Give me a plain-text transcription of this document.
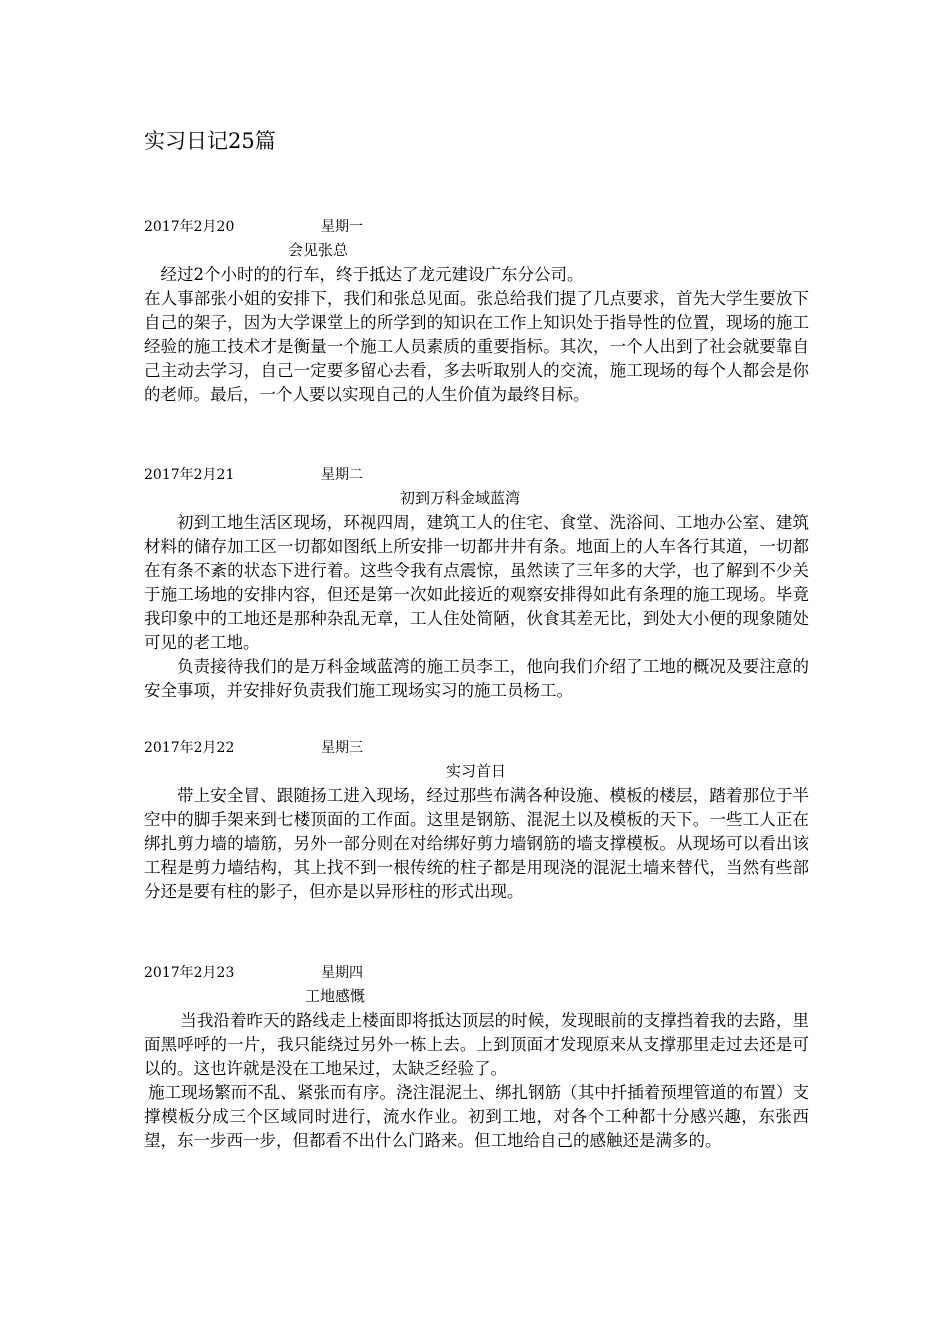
实习日记25篇
2017年2月20	星期一
会见张总

　经过2个小时的的行车，终于抵达了龙元建设广东分公司。

在人事部张小姐的安排下，我们和张总见面。张总给我们提了几点要求，首先大学生要放下自己的架子，因为大学课堂上的所学到的知识在工作上知识处于指导性的位置，现场的施工经验的施工技术才是衡量一个施工人员素质的重要指标。其次，一个人出到了社会就要靠自己主动去学习，自己一定要多留心去看，多去听取别人的交流，施工现场的每个人都会是你的老师。最后，一个人要以实现自己的人生价值为最终目标。

2017年2月21	星期二
初到万科金域蓝湾

初到工地生活区现场，环视四周，建筑工人的住宅、食堂、洗浴间、工地办公室、建筑材料的储存加工区一切都如图纸上所安排一切都井井有条。地面上的人车各行其道，一切都在有条不紊的状态下进行着。这些令我有点震惊，虽然读了三年多的大学，也了解到不少关于施工场地的安排内容，但还是第一次如此接近的观察安排得如此有条理的施工现场。毕竟我印象中的工地还是那种杂乱无章，工人住处简陋，伙食其差无比，到处大小便的现象随处可见的老工地。

负责接待我们的是万科金域蓝湾的施工员李工，他向我们介绍了工地的概况及要注意的安全事项，并安排好负责我们施工现场实习的施工员杨工。

2017年2月22	星期三
实习首日

带上安全冒、跟随扬工进入现场，经过那些布满各种设施、模板的楼层，踏着那位于半空中的脚手架来到七楼顶面的工作面。这里是钢筋、混泥土以及模板的天下。一些工人正在绑扎剪力墙的墙筋，另外一部分则在对给绑好剪力墙钢筋的墙支撑模板。从现场可以看出该工程是剪力墙结构，其上找不到一根传统的柱子都是用现浇的混泥土墙来替代，当然有些部分还是要有柱的影子，但亦是以异形柱的形式出现。

2017年2月23	星期四
工地感慨

当我沿着昨天的路线走上楼面即将抵达顶层的时候，发现眼前的支撑挡着我的去路，里面黑呼呼的一片，我只能绕过另外一栋上去。上到顶面才发现原来从支撑那里走过去还是可以的。这也许就是没在工地呆过，太缺乏经验了。

施工现场繁而不乱、紧张而有序。浇注混泥土、绑扎钢筋（其中扦插着预埋管道的布置）支撑模板分成三个区域同时进行，流水作业。初到工地，对各个工种都十分感兴趣，东张西望，东一步西一步，但都看不出什么门路来。但工地给自己的感触还是满多的。
